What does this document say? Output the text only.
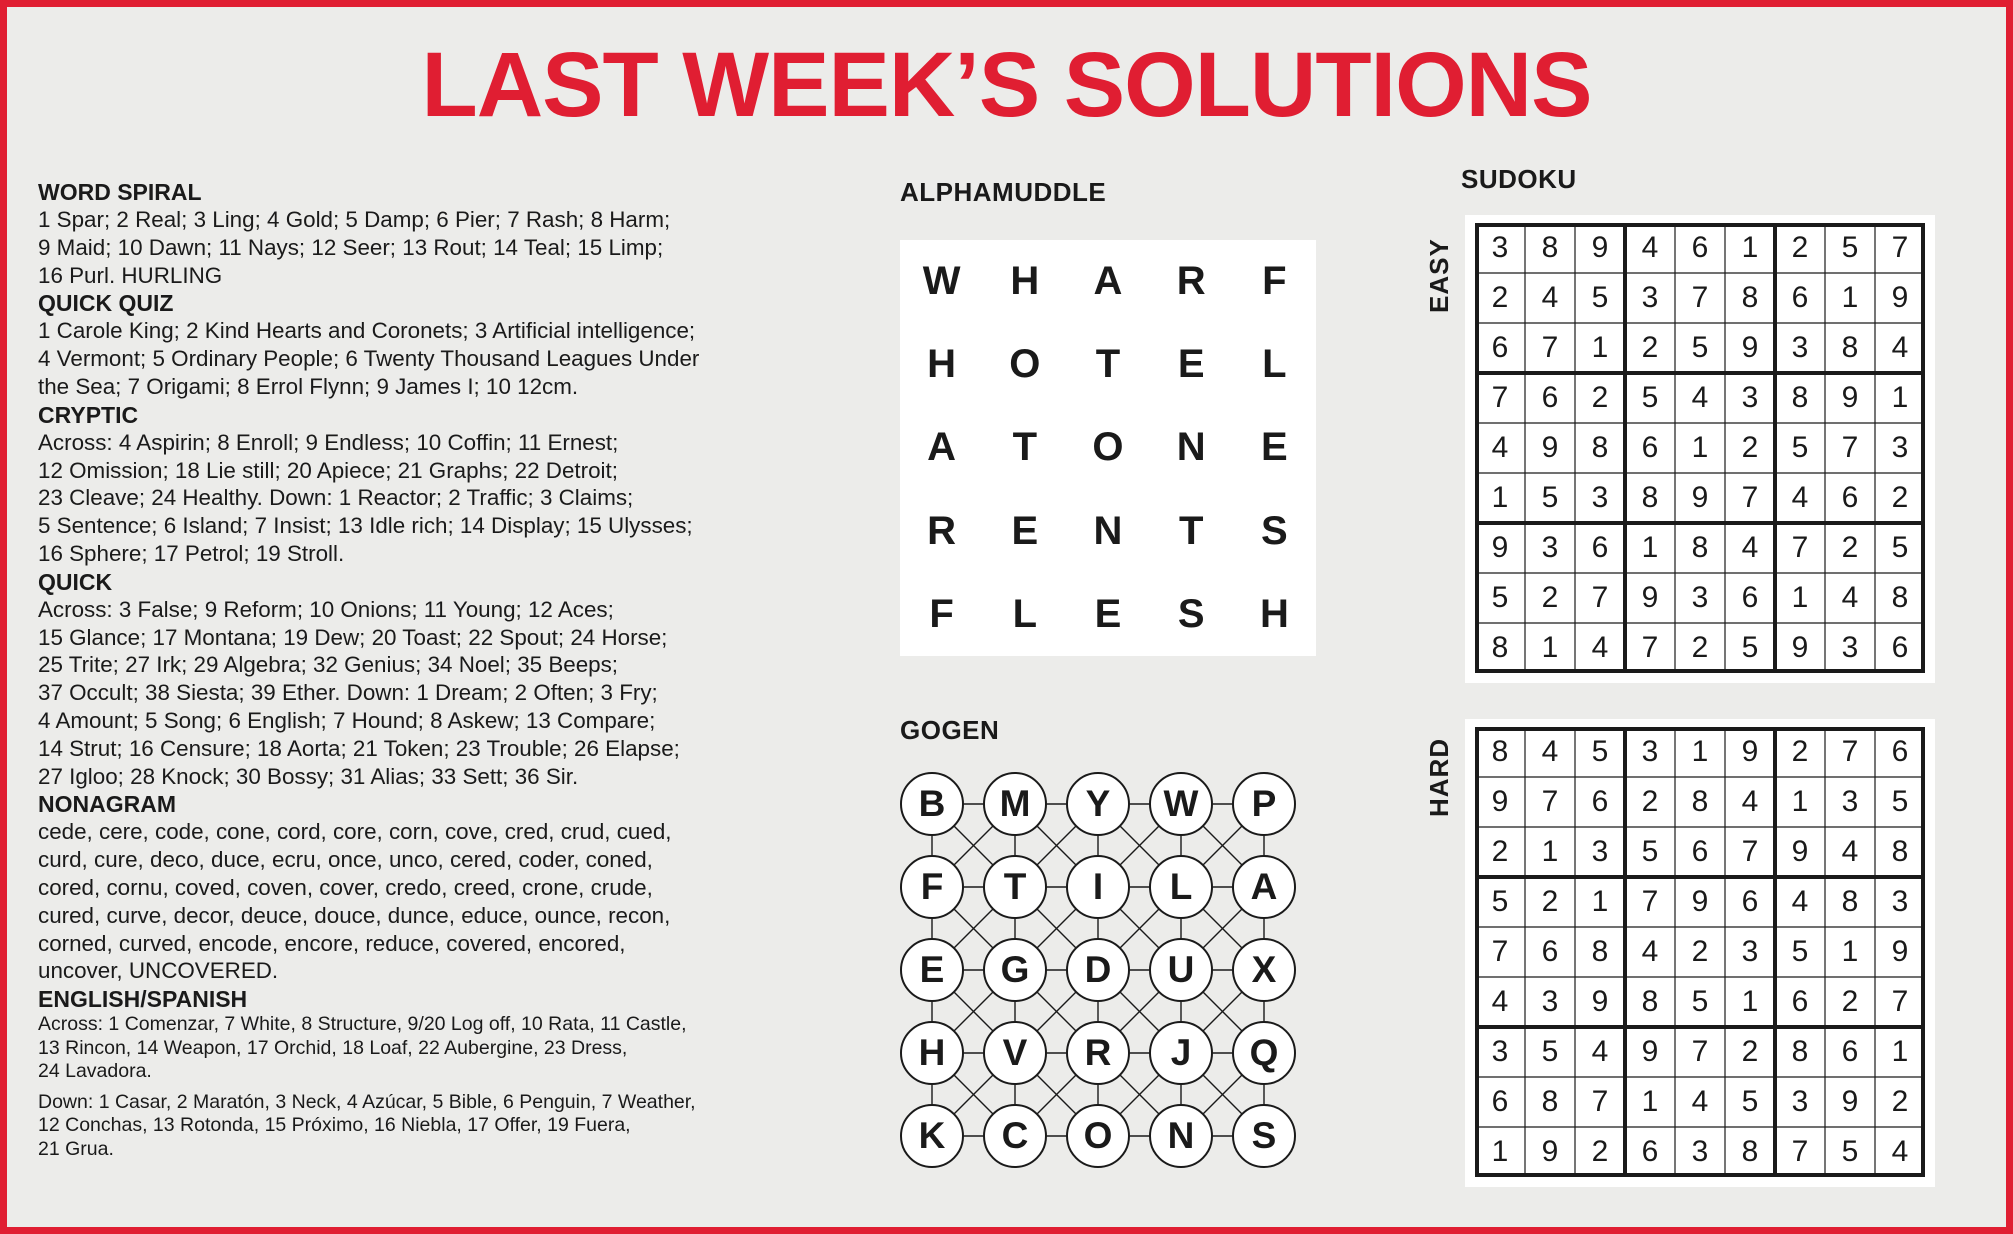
LAST WEEK’S SOLUTIONS
WORD SPIRAL
1 Spar; 2 Real; 3 Ling; 4 Gold; 5 Damp; 6 Pier; 7 Rash; 8 Harm;
9 Maid; 10 Dawn; 11 Nays; 12 Seer; 13 Rout; 14 Teal; 15 Limp;
16 Purl. HURLING
QUICK QUIZ
1 Carole King; 2 Kind Hearts and Coronets; 3 Artificial intelligence;
4 Vermont; 5 Ordinary People; 6 Twenty Thousand Leagues Under
the Sea; 7 Origami; 8 Errol Flynn; 9 James I; 10 12cm.
CRYPTIC
Across: 4 Aspirin; 8 Enroll; 9 Endless; 10 Coffin; 11 Ernest;
12 Omission; 18 Lie still; 20 Apiece; 21 Graphs; 22 Detroit;
23 Cleave; 24 Healthy. Down: 1 Reactor; 2 Traffic; 3 Claims;
5 Sentence; 6 Island; 7 Insist; 13 Idle rich; 14 Display; 15 Ulysses;
16 Sphere; 17 Petrol; 19 Stroll.
QUICK
Across: 3 False; 9 Reform; 10 Onions; 11 Young; 12 Aces;
15 Glance; 17 Montana; 19 Dew; 20 Toast; 22 Spout; 24 Horse;
25 Trite; 27 Irk; 29 Algebra; 32 Genius; 34 Noel; 35 Beeps;
37 Occult; 38 Siesta; 39 Ether. Down: 1 Dream; 2 Often; 3 Fry;
4 Amount; 5 Song; 6 English; 7 Hound; 8 Askew; 13 Compare;
14 Strut; 16 Censure; 18 Aorta; 21 Token; 23 Trouble; 26 Elapse;
27 Igloo; 28 Knock; 30 Bossy; 31 Alias; 33 Sett; 36 Sir.
NONAGRAM
cede, cere, code, cone, cord, core, corn, cove, cred, crud, cued,
curd, cure, deco, duce, ecru, once, unco, cered, coder, coned,
cored, cornu, coved, coven, cover, credo, creed, crone, crude,
cured, curve, decor, deuce, douce, dunce, educe, ounce, recon,
corned, curved, encode, encore, reduce, covered, encored,
uncover, UNCOVERED.
ENGLISH/SPANISH
Across: 1 Comenzar, 7 White, 8 Structure, 9/20 Log off, 10 Rata, 11 Castle,
13 Rincon, 14 Weapon, 17 Orchid, 18 Loaf, 22 Aubergine, 23 Dress,
24 Lavadora.
Down: 1 Casar, 2 Maratón, 3 Neck, 4 Azúcar, 5 Bible, 6 Penguin, 7 Weather,
12 Conchas, 13 Rotonda, 15 Próximo, 16 Niebla, 17 Offer, 19 Fuera,
21 Grua.
ALPHAMUDDLE
W	H	A	R	F
H	O	T	E	L
A	T	O	N	E
R	E	N	T	S
F	L	E	S	H
GOGEN
B	M	Y	W	P
F	T	I	L	A
E	G	D	U	X
H	V	R	J	Q
K	C	O	N	S
SUDOKU
EASY	3	8	9	4	6	1	2	5	7
2	4	5	3	7	8	6	1	9
6	7	1	2	5	9	3	8	4
7	6	2	5	4	3	8	9	1
4	9	8	6	1	2	5	7	3
1	5	3	8	9	7	4	6	2
9	3	6	1	8	4	7	2	5
5	2	7	9	3	6	1	4	8
8	1	4	7	2	5	9	3	6
HARD	8	4	5	3	1	9	2	7	6
9	7	6	2	8	4	1	3	5
2	1	3	5	6	7	9	4	8
5	2	1	7	9	6	4	8	3
7	6	8	4	2	3	5	1	9
4	3	9	8	5	1	6	2	7
3	5	4	9	7	2	8	6	1
6	8	7	1	4	5	3	9	2
1	9	2	6	3	8	7	5	4
